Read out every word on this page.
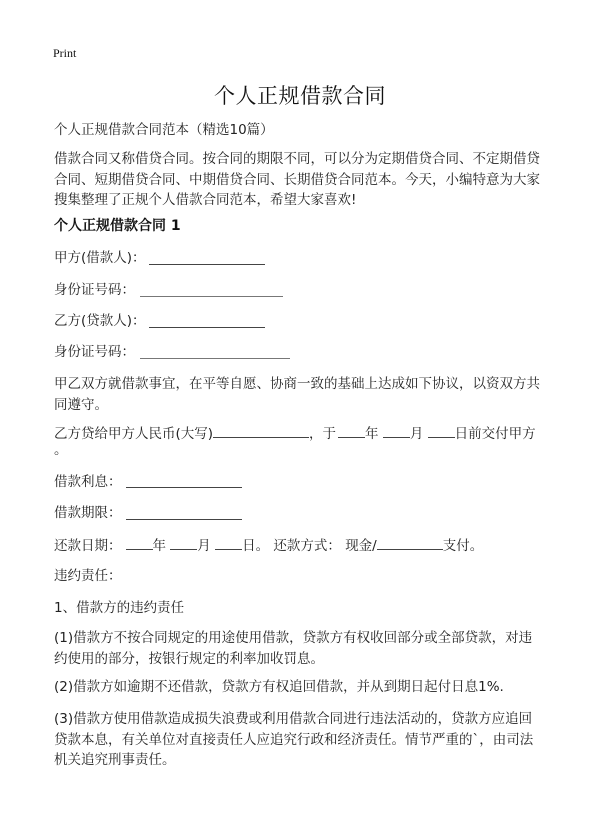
Print
个人正规借款合同
个人正规借款合同范本（精选10篇）
借款合同又称借贷合同。按合同的期限不同，可以分为定期借贷合同、不定期借贷
合同、短期借贷合同、中期借贷合同、长期借贷合同范本。今天，小编特意为大家
搜集整理了正规个人借款合同范本，希望大家喜欢!
个人正规借款合同 1
甲方(借款人)：
身份证号码：
乙方(贷款人)：
身份证号码：
甲乙双方就借款事宜，在平等自愿、协商一致的基础上达成如下协议，以资双方共
同遵守。
乙方贷给甲方人民币(大写)	，于 年 月 日前交付甲方
。
借款利息：
借款期限：
还款日期： 年 月 日。 还款方式： 现金/	支付。
违约责任：
1、借款方的违约责任
(1)借款方不按合同规定的用途使用借款，贷款方有权收回部分或全部贷款，对违
约使用的部分，按银行规定的利率加收罚息。
(2)借款方如逾期不还借款，贷款方有权追回借款，并从到期日起付日息1%.
(3)借款方使用借款造成损失浪费或利用借款合同进行违法活动的，贷款方应追回
贷款本息，有关单位对直接责任人应追究行政和经济责任。情节严重的`，由司法
机关追究刑事责任。
